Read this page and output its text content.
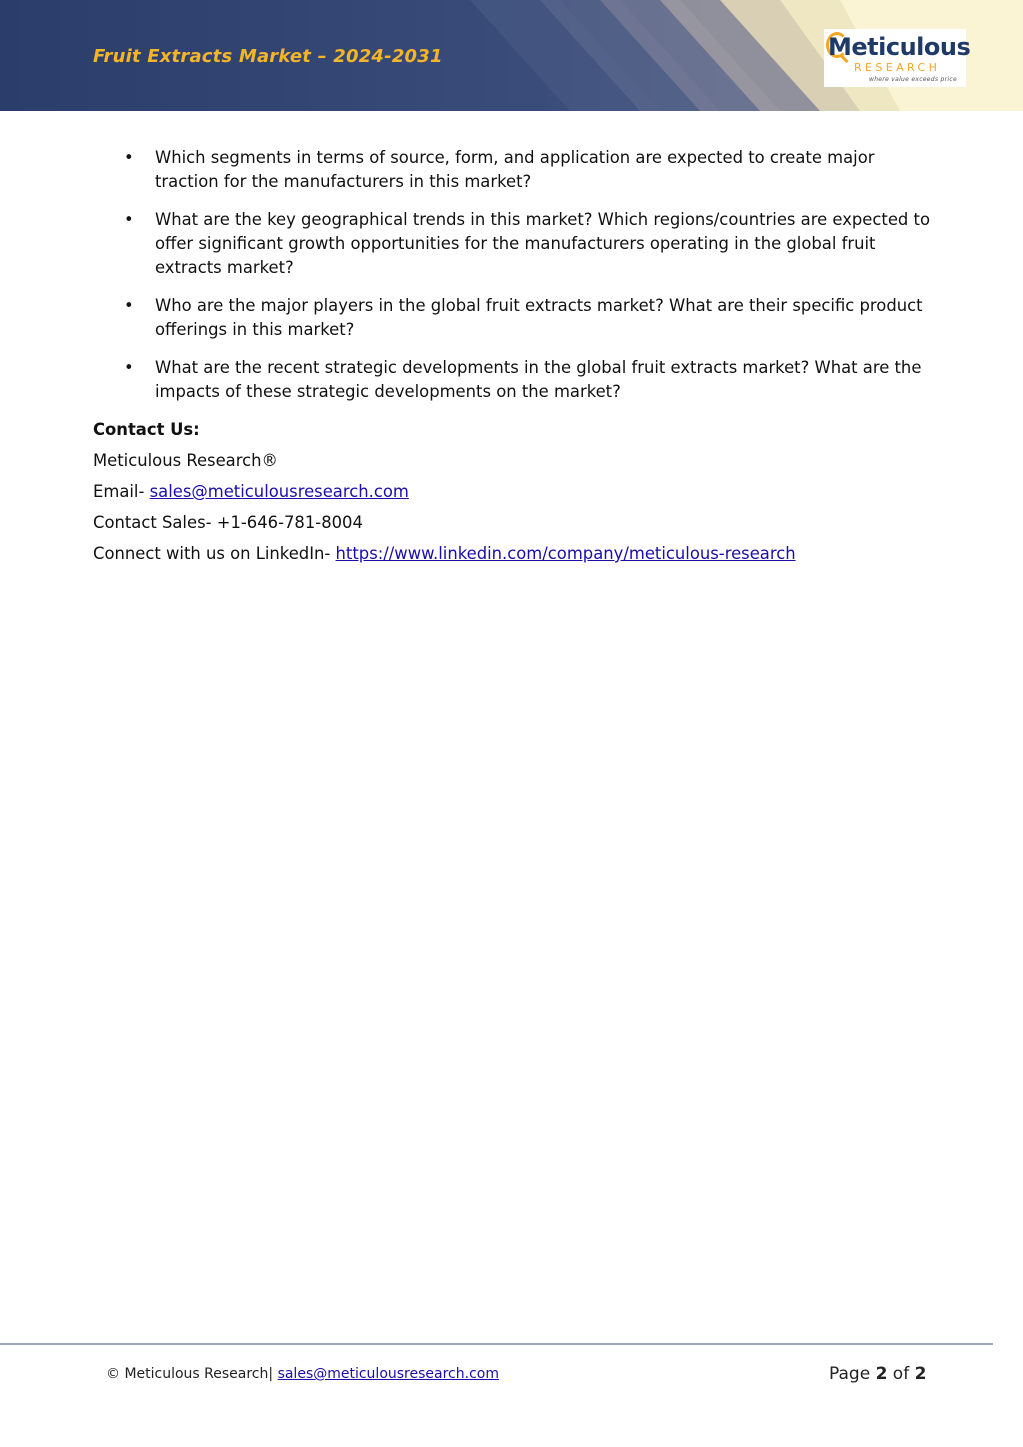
Fruit Extracts Market – 2024-2031	Meticulous
RESEARCH
where value exceeds price
• Which segments in terms of source, form, and application are expected to create major traction for the manufacturers in this market?
• What are the key geographical trends in this market? Which regions/countries are expected to offer significant growth opportunities for the manufacturers operating in the global fruit extracts market?
• Who are the major players in the global fruit extracts market? What are their specific product offerings in this market?
• What are the recent strategic developments in the global fruit extracts market? What are the impacts of these strategic developments on the market?
Contact Us:
Meticulous Research®
Email- sales@meticulousresearch.com
Contact Sales- +1-646-781-8004
Connect with us on LinkedIn- https://www.linkedin.com/company/meticulous-research
© Meticulous Research| sales@meticulousresearch.com	Page 2 of 2
